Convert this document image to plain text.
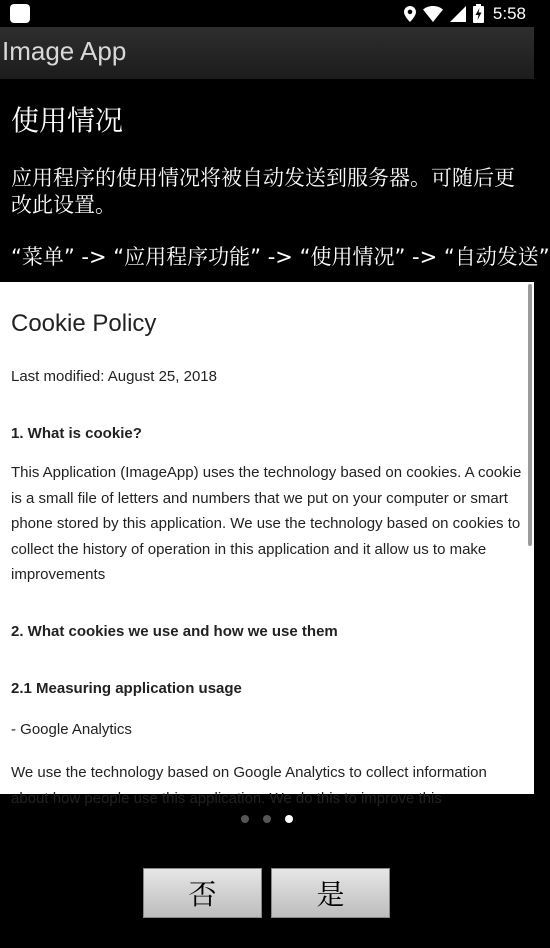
5:58
Image App
使用情况
应用程序的使用情况将被自动发送到服务器。可随后更改此设置。
“菜单” -> “应用程序功能” -> “使用情况” -> “自动发送”
Cookie Policy
Last modified: August 25, 2018
1. What is cookie?
This Application (ImageApp) uses the technology based on cookies. A cookie is a small file of letters and numbers that we put on your computer or smart phone stored by this application. We use the technology based on cookies to collect the history of operation in this application and it allow us to make improvements
2. What cookies we use and how we use them
2.1 Measuring application usage
- Google Analytics
We use the technology based on Google Analytics to collect information about how people use this application. We do this to improve this
否	是
